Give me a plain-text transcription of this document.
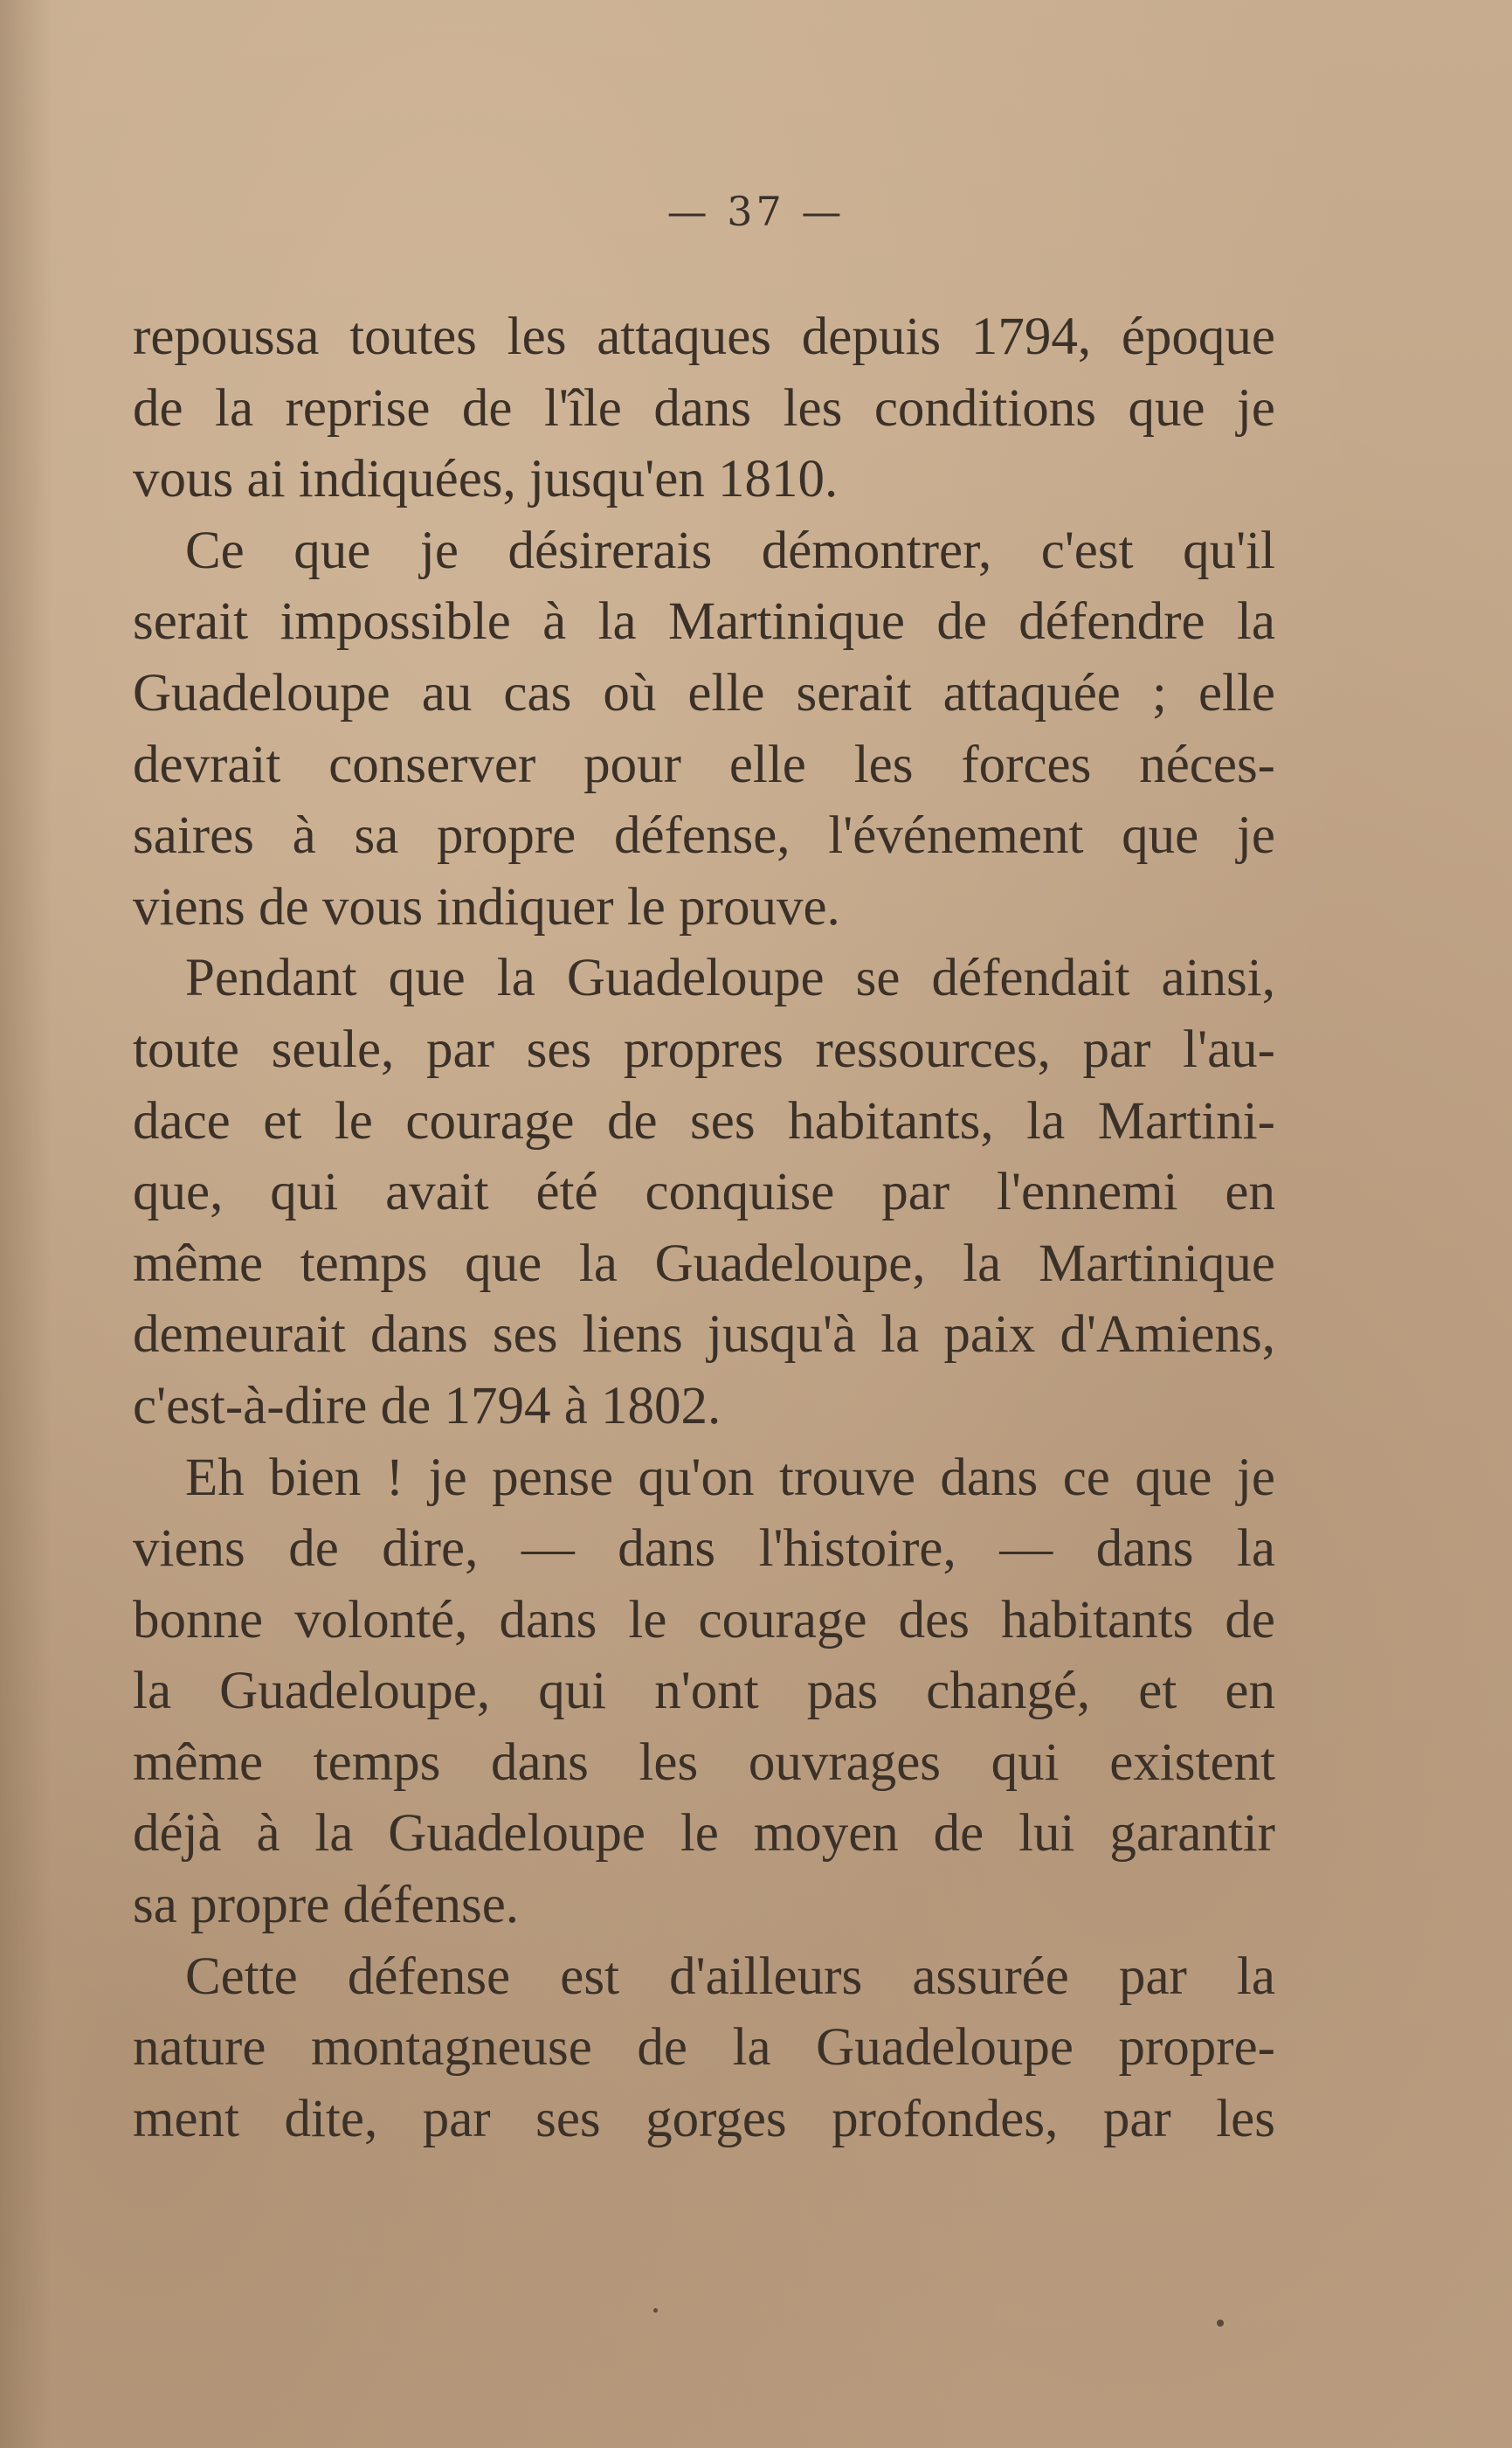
— 37 —

repoussa toutes les attaques depuis 1794, époque
de la reprise de l'île dans les conditions que je
vous ai indiquées, jusqu'en 1810.

Ce que je désirerais démontrer, c'est qu'il
serait impossible à la Martinique de défendre la
Guadeloupe au cas où elle serait attaquée ; elle
devrait conserver pour elle les forces néces-
saires à sa propre défense, l'événement que je
viens de vous indiquer le prouve.

Pendant que la Guadeloupe se défendait ainsi,
toute seule, par ses propres ressources, par l'au-
dace et le courage de ses habitants, la Martini-
que, qui avait été conquise par l'ennemi en
même temps que la Guadeloupe, la Martinique
demeurait dans ses liens jusqu'à la paix d'Amiens,
c'est-à-dire de 1794 à 1802.

Eh bien ! je pense qu'on trouve dans ce que je
viens de dire, — dans l'histoire, — dans la
bonne volonté, dans le courage des habitants de
la Guadeloupe, qui n'ont pas changé, et en
même temps dans les ouvrages qui existent
déjà à la Guadeloupe le moyen de lui garantir
sa propre défense.

Cette défense est d'ailleurs assurée par la
nature montagneuse de la Guadeloupe propre-
ment dite, par ses gorges profondes, par les
